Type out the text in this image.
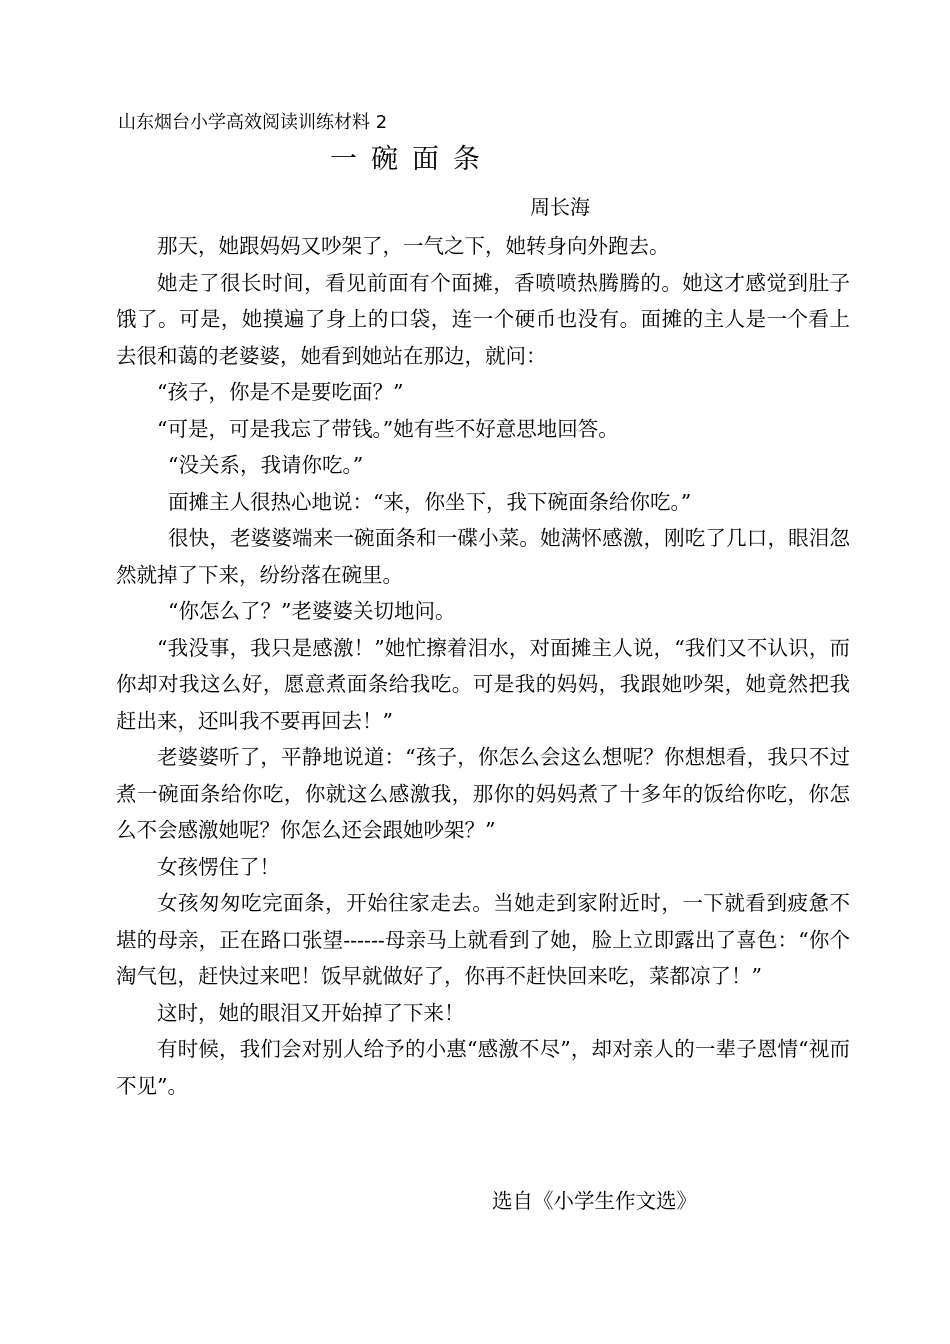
山东烟台小学高效阅读训练材料 2
一碗面条
周长海

那天，她跟妈妈又吵架了，一气之下，她转身向外跑去。

她走了很长时间，看见前面有个面摊，香喷喷热腾腾的。她这才感觉到肚子饿了。可是，她摸遍了身上的口袋，连一个硬币也没有。面摊的主人是一个看上去很和蔼的老婆婆，她看到她站在那边，就问：

“孩子，你是不是要吃面？”

“可是，可是我忘了带钱。”她有些不好意思地回答。

“没关系，我请你吃。”

面摊主人很热心地说：“来，你坐下，我下碗面条给你吃。”

很快，老婆婆端来一碗面条和一碟小菜。她满怀感激，刚吃了几口，眼泪忽然就掉了下来，纷纷落在碗里。

“你怎么了？”老婆婆关切地问。

“我没事，我只是感激！”她忙擦着泪水，对面摊主人说，“我们又不认识，而你却对我这么好，愿意煮面条给我吃。可是我的妈妈，我跟她吵架，她竟然把我赶出来，还叫我不要再回去！”

老婆婆听了，平静地说道：“孩子，你怎么会这么想呢？你想想看，我只不过煮一碗面条给你吃，你就这么感激我，那你的妈妈煮了十多年的饭给你吃，你怎么不会感激她呢？你怎么还会跟她吵架？”

女孩愣住了！

女孩匆匆吃完面条，开始往家走去。当她走到家附近时，一下就看到疲惫不堪的母亲，正在路口张望------母亲马上就看到了她，脸上立即露出了喜色：“你个淘气包，赶快过来吧！饭早就做好了，你再不赶快回来吃，菜都凉了！”

这时，她的眼泪又开始掉了下来！

有时候，我们会对别人给予的小惠“感激不尽”，却对亲人的一辈子恩情“视而不见”。

选自《小学生作文选》
